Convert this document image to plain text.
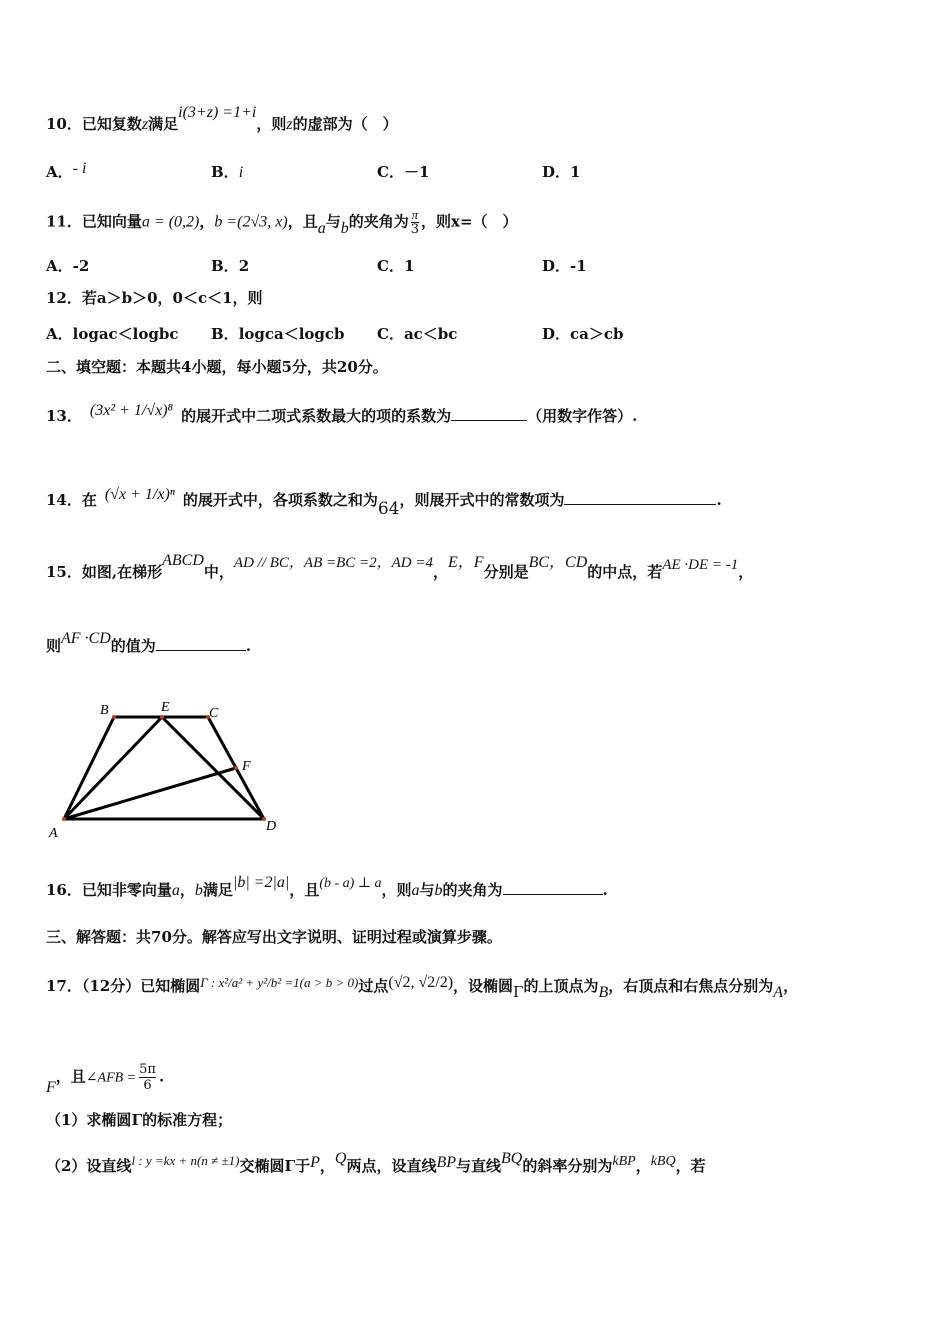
10．已知复数z满足i(3+z) =1+i，则z的虚部为（　）
A．- i	B．i	C．－1	D．1
11．已知向量a = (0,2)，b =(2√3, x)，且a与b的夹角为 $\frac{\pi}{3}$ ，则x=（　）
A．-2	B．2	C．1	D．-1
12．若a＞b＞0，0＜c＜1，则
A．logac＜logbc B．logca＜logcb C．ac＜bc	D．ca＞cb
二、填空题：本题共4小题，每小题5分，共20分。
13． (3x² + 1/√x)⁸ 的展开式中二项式系数最大的项的系数为	（用数字作答）.
14．在 (√x + 1/x)ⁿ 的展开式中，各项系数之和为64，则展开式中的常数项为	.
15．如图,在梯形ABCD中，AD // BC，AB =BC =2，AD =4，E，F分别是BC，CD的中点，若AE ·DE = -1，
则AF ·CD的值为	.
B	E	C
F
A	D
16．已知非零向量a，b满足|b| =2|a|，且(b - a) ⊥ a，则a与b的夹角为	.
三、解答题：共70分。解答应写出文字说明、证明过程或演算步骤。
17．（12分）已知椭圆Γ : x²/a² + y²/b² =1(a > b > 0)过点(√2, √2/2)，设椭圆Γ的上顶点为B，右顶点和右焦点分别为A，
F，且∠AFB = $\frac{5\pi}{6}$ .
（1）求椭圆Γ的标准方程；
（2）设直线l : y =kx + n(n ≠ ±1)交椭圆Γ于P，Q两点，设直线BP与直线BQ的斜率分别为kBP，kBQ，若
